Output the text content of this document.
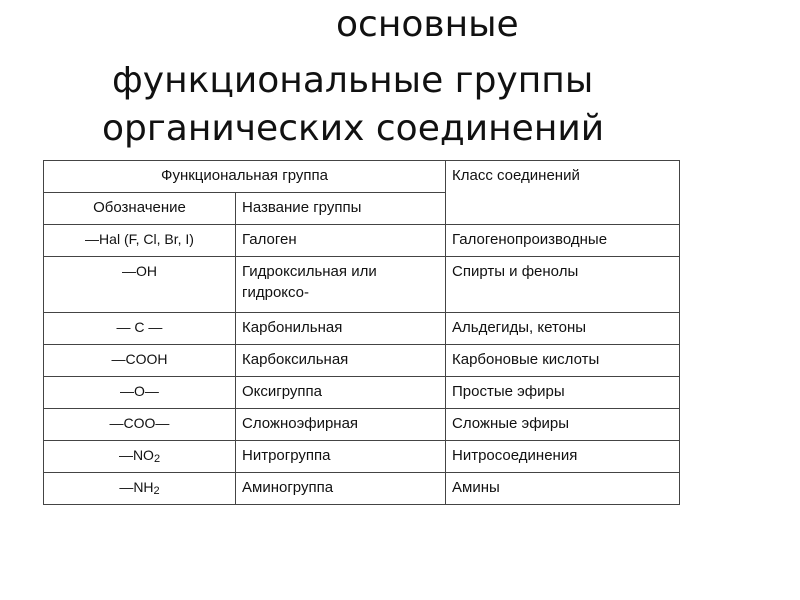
основные
функциональные группы
органических соединений
Функциональная группа		Класс соединений
Обозначение	Название группы	
—Hal (F, Cl, Br, I)	Галоген	Галогенопроизводные
—OH	Гидроксильная или гидроксо-	Спирты и фенолы
— C —	Карбонильная	Альдегиды, кетоны
—COOH	Карбоксильная	Карбоновые кислоты
—O—	Оксигруппа	Простые эфиры
—COO—	Сложноэфирная	Сложные эфиры
—NO2	Нитрогруппа	Нитросоединения
—NH2	Аминогруппа	Амины
